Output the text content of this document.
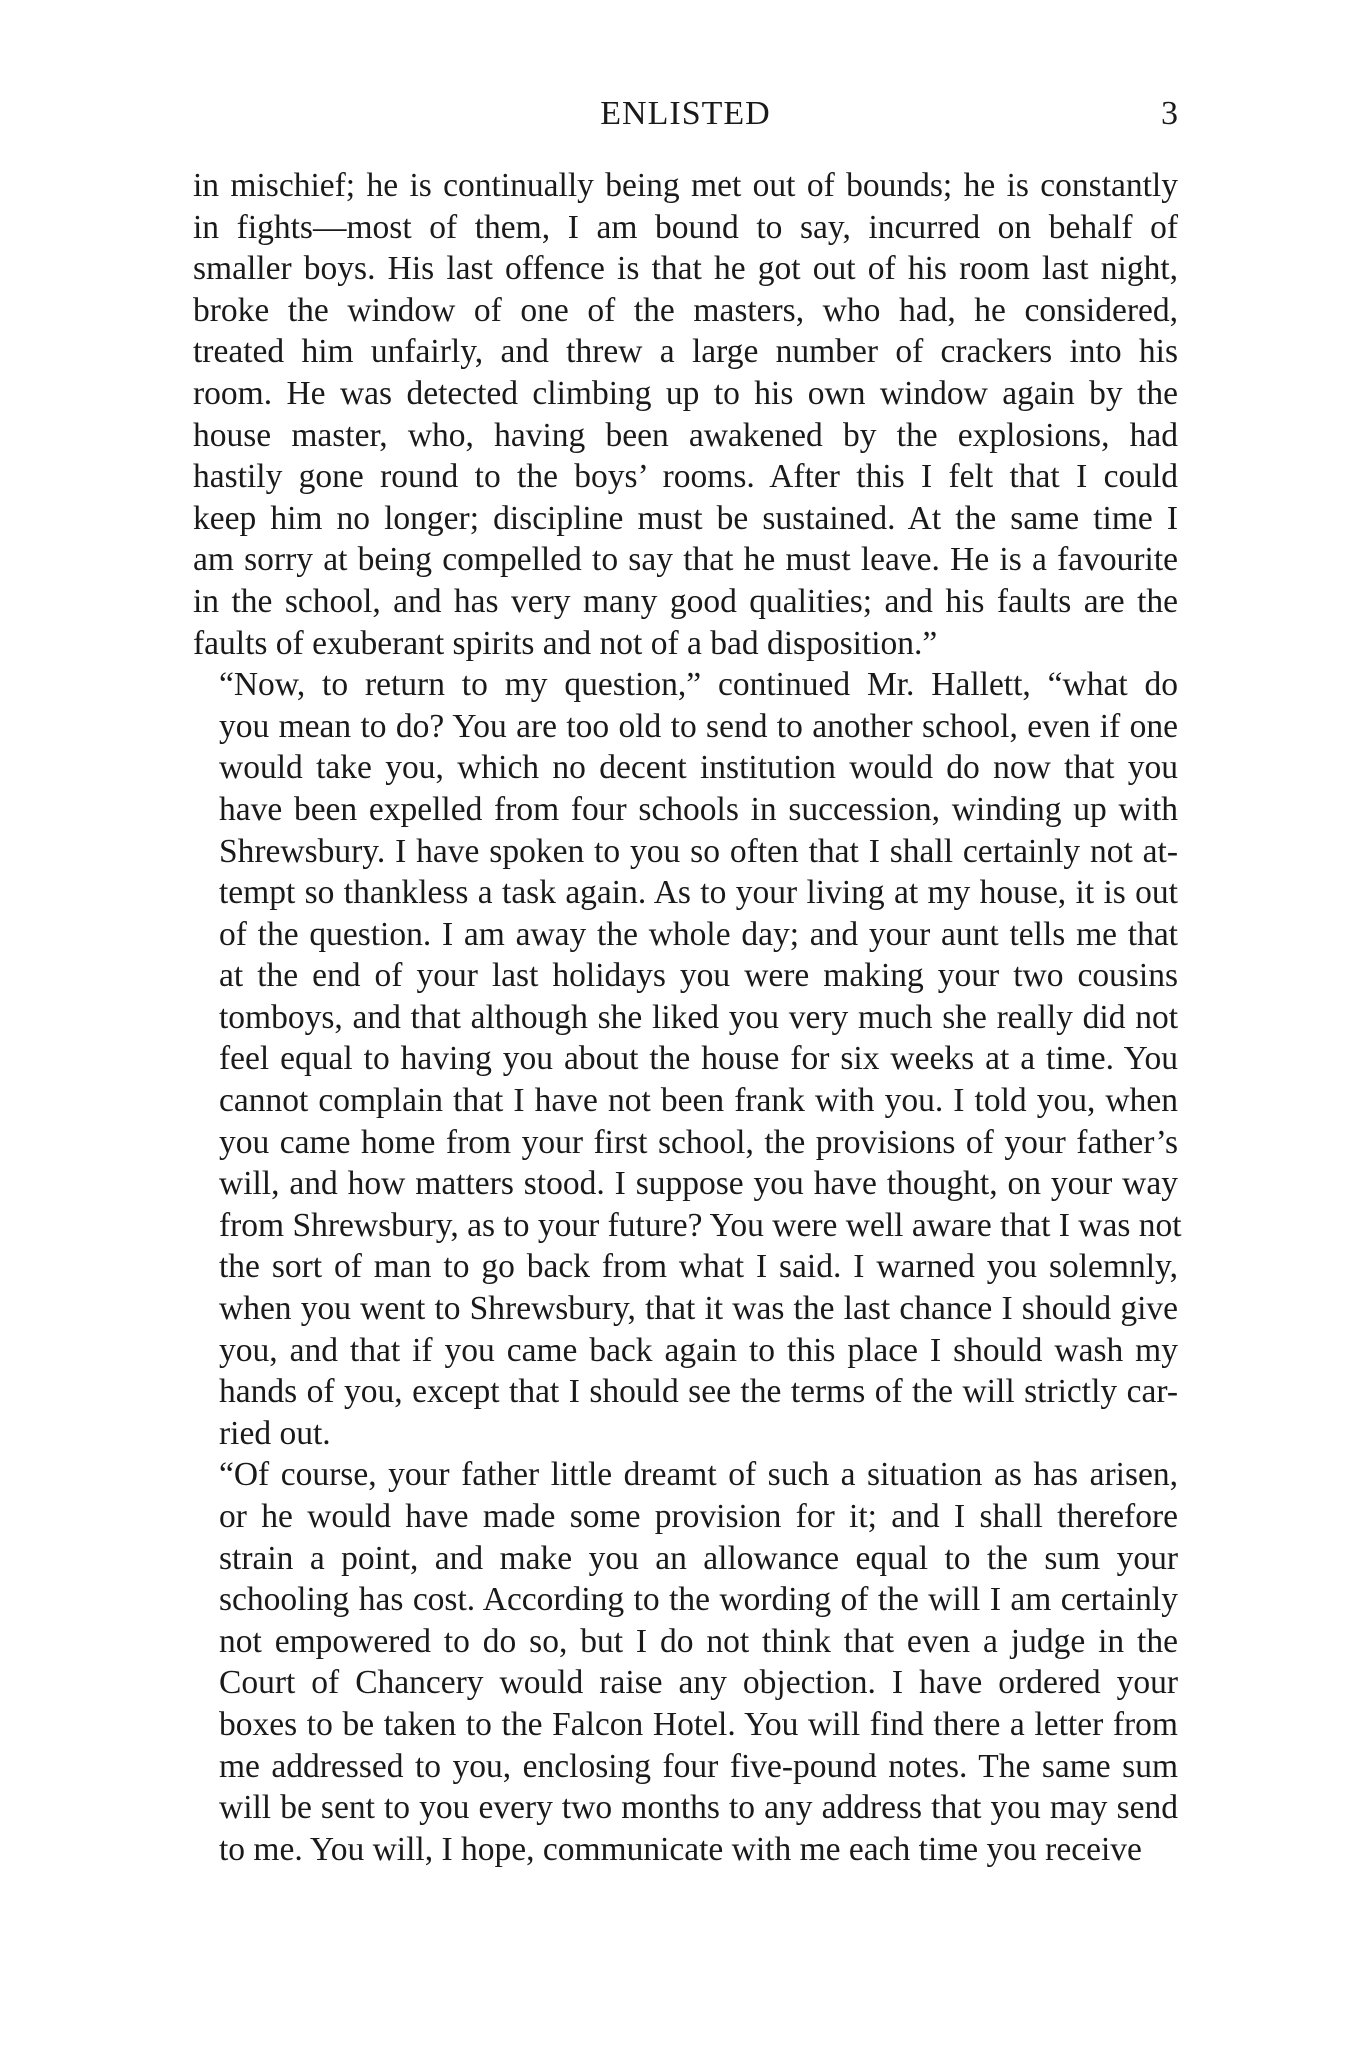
ENLISTED	3
in mischief; he is continually being met out of bounds; he is constantly
in fights—most of them, I am bound to say, incurred on behalf of
smaller boys. His last offence is that he got out of his room last night,
broke the window of one of the masters, who had, he considered,
treated him unfairly, and threw a large number of crackers into his
room. He was detected climbing up to his own window again by the
house master, who, having been awakened by the explosions, had
hastily gone round to the boys’ rooms. After this I felt that I could
keep him no longer; discipline must be sustained. At the same time I
am sorry at being compelled to say that he must leave. He is a favourite
in the school, and has very many good qualities; and his faults are the
faults of exuberant spirits and not of a bad disposition.”
“Now, to return to my question,” continued Mr. Hallett, “what do
you mean to do? You are too old to send to another school, even if one
would take you, which no decent institution would do now that you
have been expelled from four schools in succession, winding up with
Shrewsbury. I have spoken to you so often that I shall certainly not at-
tempt so thankless a task again. As to your living at my house, it is out
of the question. I am away the whole day; and your aunt tells me that
at the end of your last holidays you were making your two cousins
tomboys, and that although she liked you very much she really did not
feel equal to having you about the house for six weeks at a time. You
cannot complain that I have not been frank with you. I told you, when
you came home from your first school, the provisions of your father’s
will, and how matters stood. I suppose you have thought, on your way
from Shrewsbury, as to your future? You were well aware that I was not
the sort of man to go back from what I said. I warned you solemnly,
when you went to Shrewsbury, that it was the last chance I should give
you, and that if you came back again to this place I should wash my
hands of you, except that I should see the terms of the will strictly car-
ried out.
“Of course, your father little dreamt of such a situation as has arisen,
or he would have made some provision for it; and I shall therefore
strain a point, and make you an allowance equal to the sum your
schooling has cost. According to the wording of the will I am certainly
not empowered to do so, but I do not think that even a judge in the
Court of Chancery would raise any objection. I have ordered your
boxes to be taken to the Falcon Hotel. You will find there a letter from
me addressed to you, enclosing four five-pound notes. The same sum
will be sent to you every two months to any address that you may send
to me. You will, I hope, communicate with me each time you receive
